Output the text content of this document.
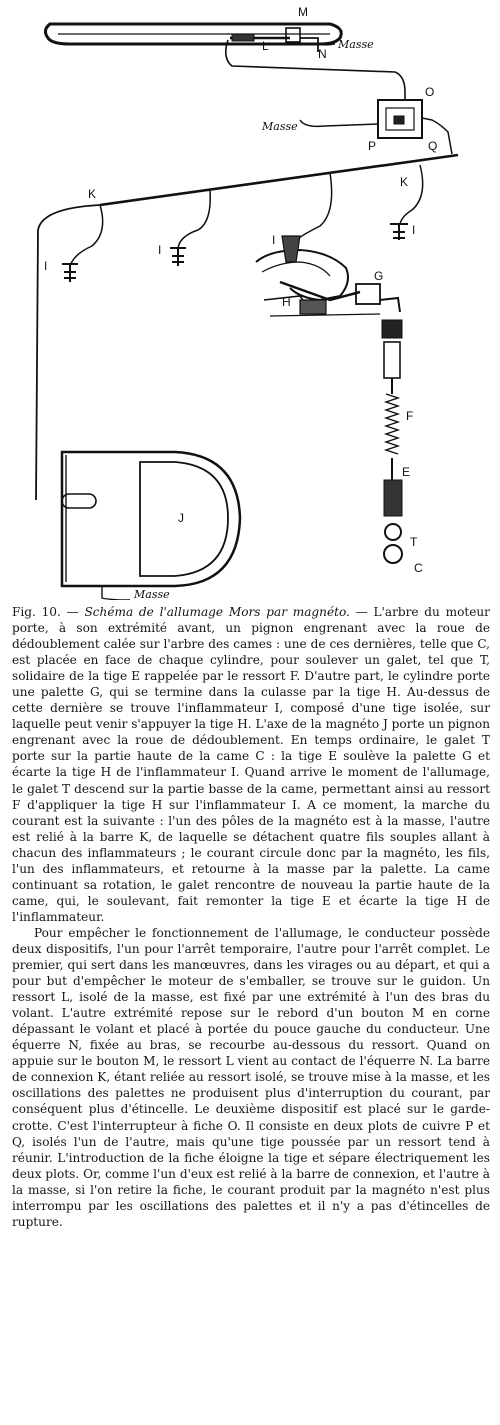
M
N
L	Masse
O
Masse
P	Q
K
K
I
I
I
I
G
H
F
E
T
C
J
Masse

Fig. 10. — Schéma de l'allumage Mors par magnéto. — L'arbre du moteur porte, à son extrémité avant, un pignon engrenant avec la roue de dédoublement calée sur l'arbre des cames : une de ces dernières, telle que C, est placée en face de chaque cylindre, pour soulever un galet, tel que T, solidaire de la tige E rappelée par le ressort F. D'autre part, le cylindre porte une palette G, qui se termine dans la culasse par la tige H. Au-dessus de cette dernière se trouve l'inflammateur I, composé d'une tige isolée, sur laquelle peut venir s'appuyer la tige H. L'axe de la magnéto J porte un pignon engrenant avec la roue de dédoublement. En temps ordinaire, le galet T porte sur la partie haute de la came C : la tige E soulève la palette G et écarte la tige H de l'inflammateur I. Quand arrive le moment de l'allumage, le galet T descend sur la partie basse de la came, permettant ainsi au ressort F d'appliquer la tige H sur l'inflammateur I. A ce moment, la marche du courant est la suivante : l'un des pôles de la magnéto est à la masse, l'autre est relié à la barre K, de laquelle se détachent quatre fils souples allant à chacun des inflammateurs ; le courant circule donc par la magnéto, les fils, l'un des inflammateurs, et retourne à la masse par la palette. La came continuant sa rotation, le galet rencontre de nouveau la partie haute de la came, qui, le soulevant, fait remonter la tige E et écarte la tige H de l'inflammateur.

Pour empêcher le fonctionnement de l'allumage, le conducteur possède deux dispositifs, l'un pour l'arrêt temporaire, l'autre pour l'arrêt complet. Le premier, qui sert dans les manœuvres, dans les virages ou au départ, et qui a pour but d'empêcher le moteur de s'emballer, se trouve sur le guidon. Un ressort L, isolé de la masse, est fixé par une extrémité à l'un des bras du volant. L'autre extrémité repose sur le rebord d'un bouton M en corne dépassant le volant et placé à portée du pouce gauche du conducteur. Une équerre N, fixée au bras, se recourbe au-dessous du ressort. Quand on appuie sur le bouton M, le ressort L vient au contact de l'équerre N. La barre de connexion K, étant reliée au ressort isolé, se trouve mise à la masse, et les oscillations des palettes ne produisent plus d'interruption du courant, par conséquent plus d'étincelle. Le deuxième dispositif est placé sur le garde-crotte. C'est l'interrupteur à fiche O. Il consiste en deux plots de cuivre P et Q, isolés l'un de l'autre, mais qu'une tige poussée par un ressort tend à réunir. L'introduction de la fiche éloigne la tige et sépare électriquement les deux plots. Or, comme l'un d'eux est relié à la barre de connexion, et l'autre à la masse, si l'on retire la fiche, le courant produit par la magnéto n'est plus interrompu par les oscillations des palettes et il n'y a pas d'étincelles de rupture.
